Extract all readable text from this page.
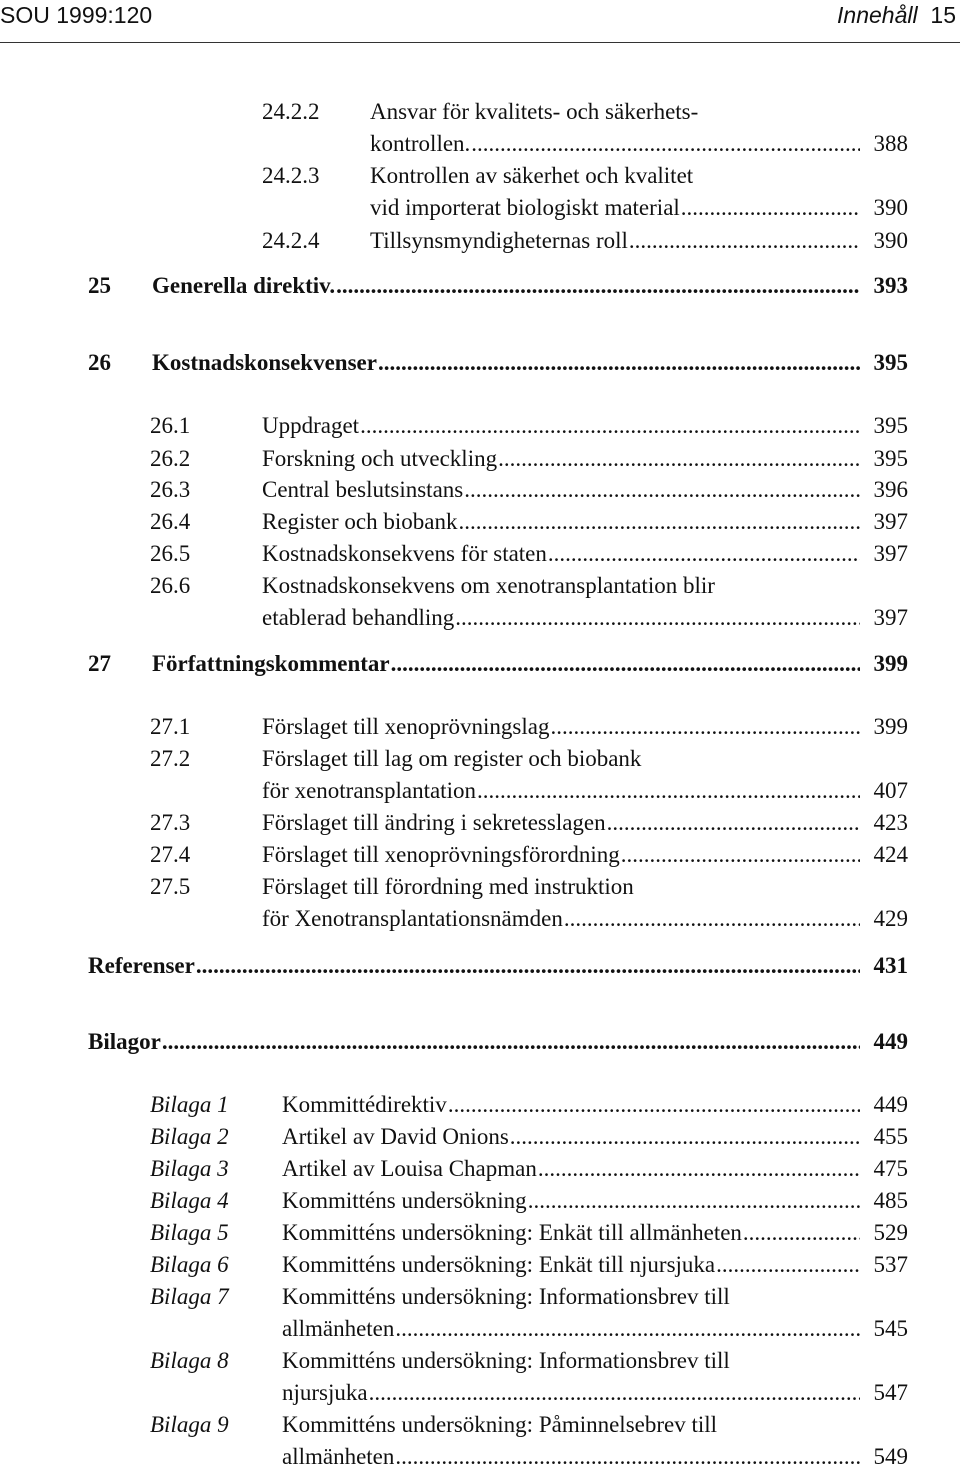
SOU 1999:120	Innehåll 15
24.2.2 Ansvar för kvalitets- och säkerhets-
kontrollen. .....	388
24.2.3 Kontrollen av säkerhet och kvalitet
vid importerat biologiskt material .....	390
24.2.4 Tillsynsmyndigheternas roll .....	390
25 Generella direktiv. .....	393
26 Kostnadskonsekvenser .....	395
26.1	Uppdraget .....	395
26.2	Forskning och utveckling .....	395
26.3	Central beslutsinstans .....	396
26.4	Register och biobank .....	397
26.5	Kostnadskonsekvens för staten .....	397
26.6	Kostnadskonsekvens om xenotransplantation blir
etablerad behandling .....	397
27 Författningskommentar .....	399
27.1	Förslaget till xenoprövningslag .....	399
27.2	Förslaget till lag om register och biobank
för xenotransplantation .....	407
27.3	Förslaget till ändring i sekretesslagen .....	423
27.4	Förslaget till xenoprövningsförordning .....	424
27.5	Förslaget till förordning med instruktion
för Xenotransplantationsnämden .....	429
Referenser .....	431
Bilagor .....	449
Bilaga 1 Kommittédirektiv .....	449
Bilaga 2 Artikel av David Onions .....	455
Bilaga 3 Artikel av Louisa Chapman .....	475
Bilaga 4 Kommitténs undersökning .....	485
Bilaga 5 Kommitténs undersökning: Enkät till allmänheten .....	529
Bilaga 6 Kommitténs undersökning: Enkät till njursjuka .....	537
Bilaga 7 Kommitténs undersökning: Informationsbrev till
allmänheten .....	545
Bilaga 8 Kommitténs undersökning: Informationsbrev till
njursjuka .....	547
Bilaga 9 Kommitténs undersökning: Påminnelsebrev till
allmänheten .....	549
